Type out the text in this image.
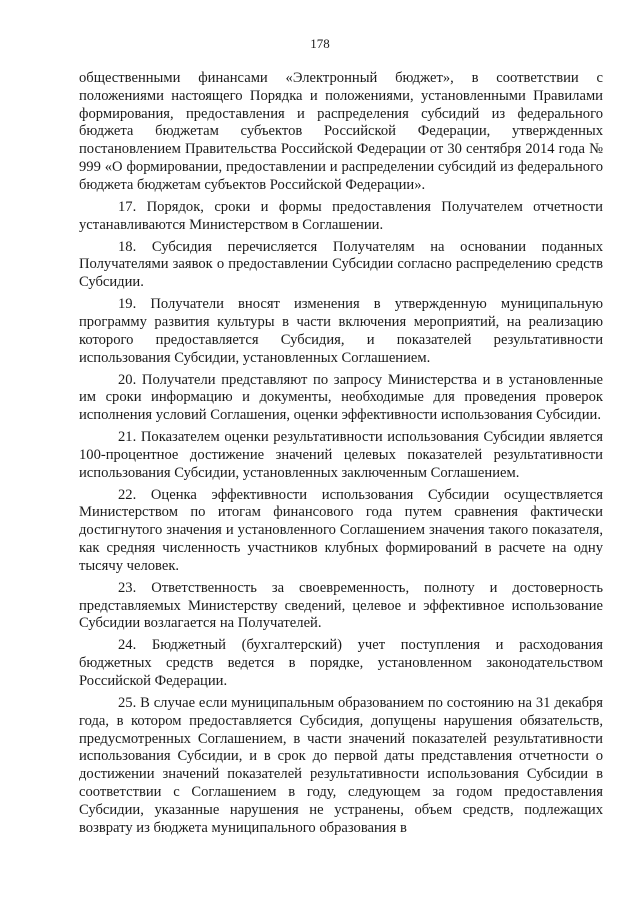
178

общественными финансами «Электронный бюджет», в соответствии с положениями настоящего Порядка и положениями, установленными Правилами формирования, предоставления и распределения субсидий из федерального бюджета бюджетам субъектов Российской Федерации, утвержденных постановлением Правительства Российской Федерации от 30 сентября 2014 года № 999 «О формировании, предоставлении и распределении субсидий из федерального бюджета бюджетам субъектов Российской Федерации».

17. Порядок, сроки и формы предоставления Получателем отчетности устанавливаются Министерством в Соглашении.

18. Субсидия перечисляется Получателям на основании поданных Получателями заявок о предоставлении Субсидии согласно распределению средств Субсидии.

19. Получатели вносят изменения в утвержденную муниципальную программу развития культуры в части включения мероприятий, на реализацию которого предоставляется Субсидия, и показателей результативности использования Субсидии, установленных Соглашением.

20. Получатели представляют по запросу Министерства и в установленные им сроки информацию и документы, необходимые для проведения проверок исполнения условий Соглашения, оценки эффективности использования Субсидии.

21. Показателем оценки результативности использования Субсидии является 100-процентное достижение значений целевых показателей результативности использования Субсидии, установленных заключенным Соглашением.

22. Оценка эффективности использования Субсидии осуществляется Министерством по итогам финансового года путем сравнения фактически достигнутого значения и установленного Соглашением значения такого показателя, как средняя численность участников клубных формирований в расчете на одну тысячу человек.

23. Ответственность за своевременность, полноту и достоверность представляемых Министерству сведений, целевое и эффективное использование Субсидии возлагается на Получателей.

24. Бюджетный (бухгалтерский) учет поступления и расходования бюджетных средств ведется в порядке, установленном законодательством Российской Федерации.

25. В случае если муниципальным образованием по состоянию на 31 декабря года, в котором предоставляется Субсидия, допущены нарушения обязательств, предусмотренных Соглашением, в части значений показателей результативности использования Субсидии, и в срок до первой даты представления отчетности о достижении значений показателей результативности использования Субсидии в соответствии с Соглашением в году, следующем за годом предоставления Субсидии, указанные нарушения не устранены, объем средств, подлежащих возврату из бюджета муниципального образования в
